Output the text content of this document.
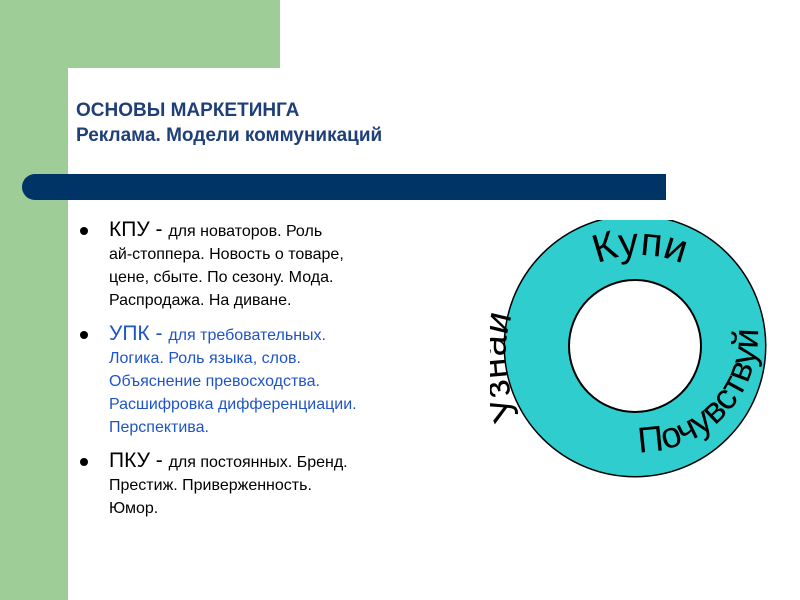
ОСНОВЫ МАРКЕТИНГА
Реклама. Модели коммуникаций
КПУ - для новаторов. Роль
ай-стоппера. Новость о товаре,
цене, сбыте. По сезону. Мода.
Распродажа. На диване.
УПК - для требовательных.
Логика. Роль языка, слов.
Объяснение превосходства.
Расшифровка дифференциации.
Перспектива.
ПКУ - для постоянных. Бренд.
Престиж. Приверженность.
Юмор.
Купи
Почувствуй
